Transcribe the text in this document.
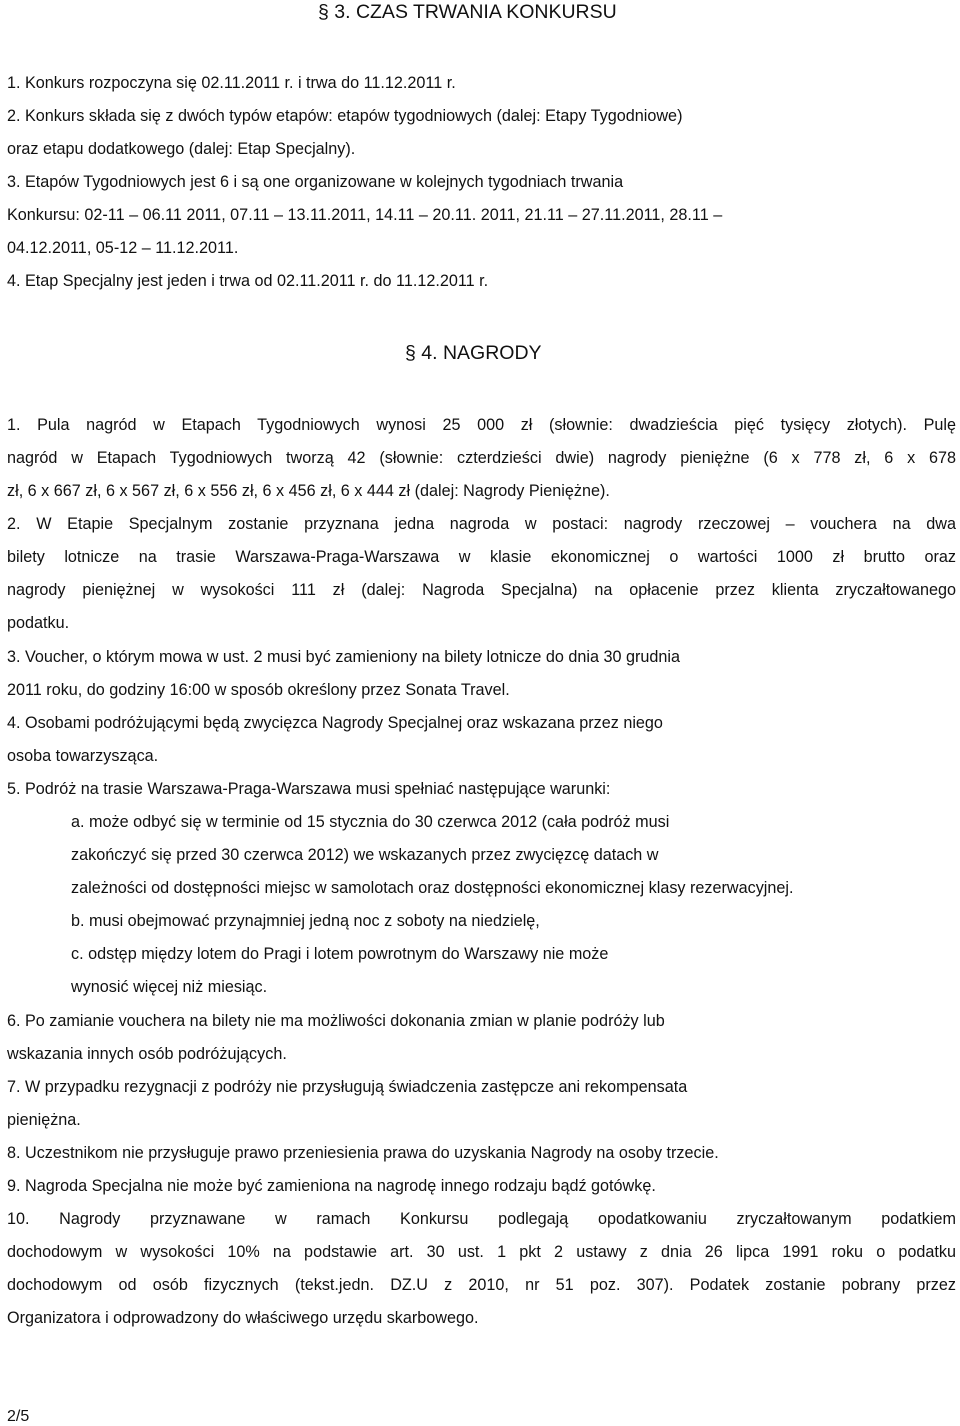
§ 3. CZAS TRWANIA KONKURSU
1. Konkurs rozpoczyna się 02.11.2011 r. i trwa do 11.12.2011 r.
2. Konkurs składa się z dwóch typów etapów: etapów tygodniowych (dalej: Etapy Tygodniowe)
oraz etapu dodatkowego (dalej: Etap Specjalny).
3. Etapów Tygodniowych jest 6 i są one organizowane w kolejnych tygodniach trwania
Konkursu: 02-11 – 06.11 2011, 07.11 – 13.11.2011, 14.11 – 20.11. 2011, 21.11 – 27.11.2011, 28.11 –
04.12.2011, 05-12 – 11.12.2011.
4. Etap Specjalny jest jeden i trwa od 02.11.2011 r. do 11.12.2011 r.
§ 4. NAGRODY
1. Pula nagród w Etapach Tygodniowych wynosi 25 000 zł (słownie: dwadzieścia pięć tysięcy złotych). Pulę
nagród w Etapach Tygodniowych tworzą 42 (słownie: czterdzieści dwie) nagrody pieniężne (6 x 778 zł, 6 x 678
zł, 6 x 667 zł, 6 x 567 zł, 6 x 556 zł, 6 x 456 zł, 6 x 444 zł (dalej: Nagrody Pieniężne).
2. W Etapie Specjalnym zostanie przyznana jedna nagroda w postaci: nagrody rzeczowej – vouchera na dwa
bilety lotnicze na trasie Warszawa-Praga-Warszawa w klasie ekonomicznej o wartości 1000 zł brutto oraz
nagrody pieniężnej w wysokości 111 zł (dalej: Nagroda Specjalna) na opłacenie przez klienta zryczałtowanego
podatku.
3. Voucher, o którym mowa w ust. 2 musi być zamieniony na bilety lotnicze do dnia 30 grudnia
2011 roku, do godziny 16:00 w sposób określony przez Sonata Travel.
4. Osobami podróżującymi będą zwycięzca Nagrody Specjalnej oraz wskazana przez niego
osoba towarzysząca.
5. Podróż na trasie Warszawa-Praga-Warszawa musi spełniać następujące warunki:
a. może odbyć się w terminie od 15 stycznia do 30 czerwca 2012 (cała podróż musi
zakończyć się przed 30 czerwca 2012) we wskazanych przez zwycięzcę datach w
zależności od dostępności miejsc w samolotach oraz dostępności ekonomicznej klasy rezerwacyjnej.
b. musi obejmować przynajmniej jedną noc z soboty na niedzielę,
c. odstęp między lotem do Pragi i lotem powrotnym do Warszawy nie może
wynosić więcej niż miesiąc.
6. Po zamianie vouchera na bilety nie ma możliwości dokonania zmian w planie podróży lub
wskazania innych osób podróżujących.
7. W przypadku rezygnacji z podróży nie przysługują świadczenia zastępcze ani rekompensata
pieniężna.
8. Uczestnikom nie przysługuje prawo przeniesienia prawa do uzyskania Nagrody na osoby trzecie.
9. Nagroda Specjalna nie może być zamieniona na nagrodę innego rodzaju bądź gotówkę.
10. Nagrody przyznawane w ramach Konkursu podlegają opodatkowaniu zryczałtowanym podatkiem
dochodowym w wysokości 10% na podstawie art. 30 ust. 1 pkt 2 ustawy z dnia 26 lipca 1991 roku o podatku
dochodowym od osób fizycznych (tekst.jedn. DZ.U z 2010, nr 51 poz. 307). Podatek zostanie pobrany przez
Organizatora i odprowadzony do właściwego urzędu skarbowego.
2/5
